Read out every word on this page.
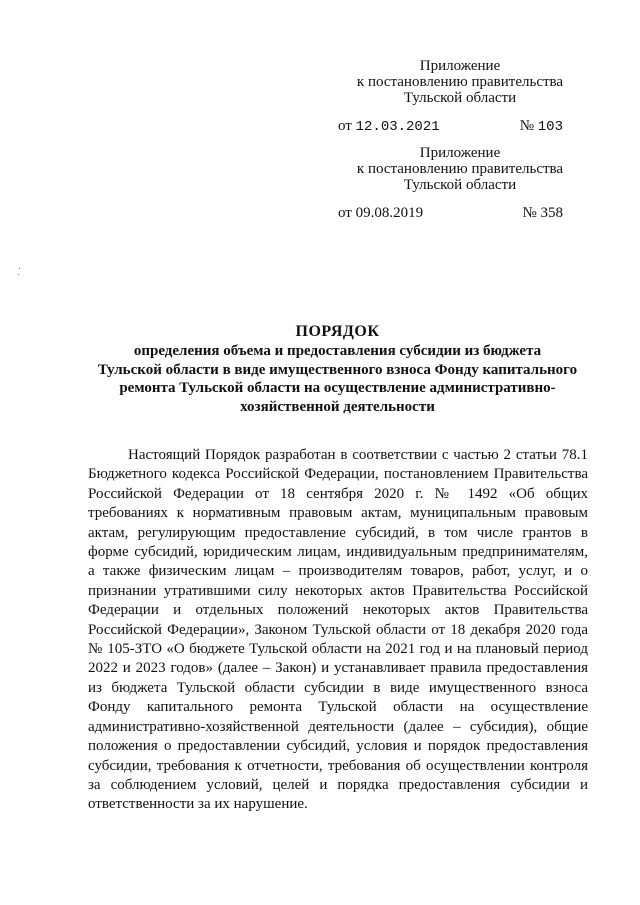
Приложение
к постановлению правительства
Тульской области
от 12.03.2021	№ 103
Приложение
к постановлению правительства
Тульской области
от 09.08.2019	№ 358
ПОРЯДОК
определения объема и предоставления субсидии из бюджета
Тульской области в виде имущественного взноса Фонду капитального
ремонта Тульской области на осуществление административно-
хозяйственной деятельности
Настоящий Порядок разработан в соответствии с частью 2 статьи 78.1
Бюджетного кодекса Российской Федерации, постановлением Правительства
Российской Федерации от 18 сентября 2020 г. № 1492 «Об общих
требованиях к нормативным правовым актам, муниципальным правовым
актам, регулирующим предоставление субсидий, в том числе грантов в
форме субсидий, юридическим лицам, индивидуальным предпринимателям,
а также физическим лицам – производителям товаров, работ, услуг, и о
признании утратившими силу некоторых актов Правительства Российской
Федерации и отдельных положений некоторых актов Правительства
Российской Федерации», Законом Тульской области от 18 декабря 2020 года
№ 105-ЗТО «О бюджете Тульской области на 2021 год и на плановый период
2022 и 2023 годов» (далее – Закон) и устанавливает правила предоставления
из бюджета Тульской области субсидии в виде имущественного взноса
Фонду капитального ремонта Тульской области на осуществление
административно-хозяйственной деятельности (далее – субсидия), общие
положения о предоставлении субсидий, условия и порядок предоставления
субсидии, требования к отчетности, требования об осуществлении контроля
за соблюдением условий, целей и порядка предоставления субсидии и
ответственности за их нарушение.
